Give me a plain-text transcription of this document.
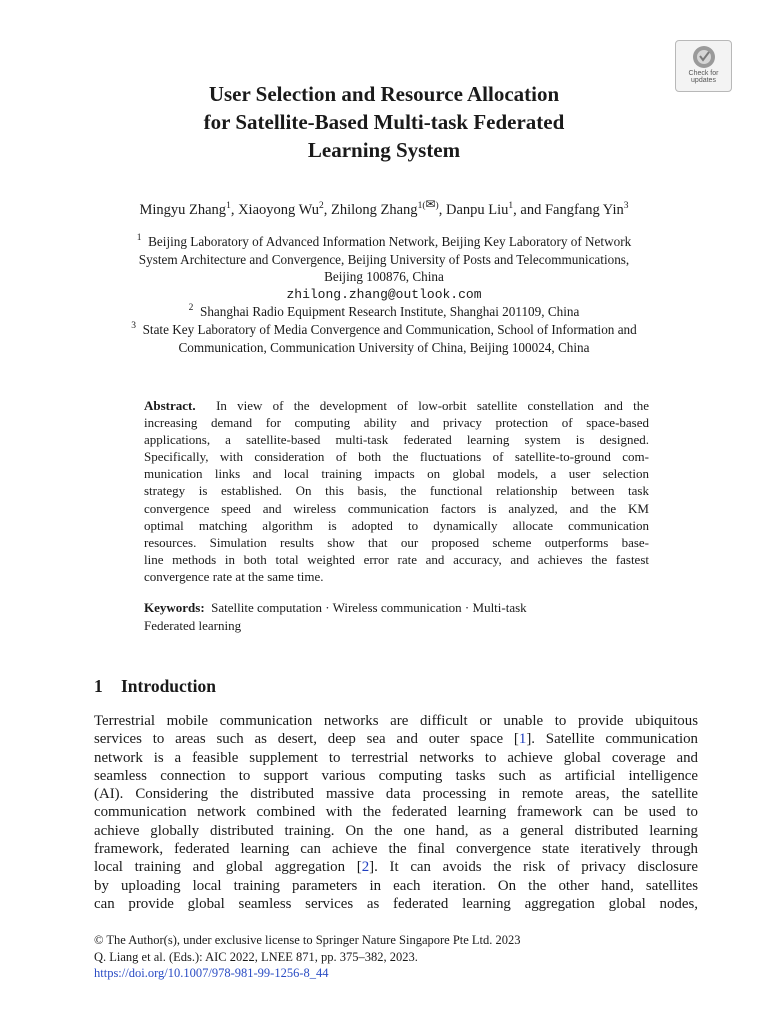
Check for
updates
User Selection and Resource Allocation
for Satellite-Based Multi-task Federated
Learning System
Mingyu Zhang$^1$, Xiaoyong Wu$^2$, Zhilong Zhang$^{1(✉)}$, Danpu Liu$^1$, and Fangfang Yin$^3$
$^1$ Beijing Laboratory of Advanced Information Network, Beijing Key Laboratory of Network
System Architecture and Convergence, Beijing University of Posts and Telecommunications,
Beijing 100876, China
zhilong.zhang@outlook.com
$^2$ Shanghai Radio Equipment Research Institute, Shanghai 201109, China
$^3$ State Key Laboratory of Media Convergence and Communication, School of Information and
Communication, Communication University of China, Beijing 100024, China
Abstract. In view of the development of low-orbit satellite constellation and the
increasing demand for computing ability and privacy protection of space-based
applications, a satellite-based multi-task federated learning system is designed.
Specifically, with consideration of both the fluctuations of satellite-to-ground com-
munication links and local training impacts on global models, a user selection
strategy is established. On this basis, the functional relationship between task
convergence speed and wireless communication factors is analyzed, and the KM
optimal matching algorithm is adopted to dynamically allocate communication
resources. Simulation results show that our proposed scheme outperforms base-
line methods in both total weighted error rate and accuracy, and achieves the fastest
convergence rate at the same time.
Keywords: Satellite computation · Wireless communication · Multi-task
Federated learning
1 Introduction
Terrestrial mobile communication networks are difficult or unable to provide ubiquitous
services to areas such as desert, deep sea and outer space [1]. Satellite communication
network is a feasible supplement to terrestrial networks to achieve global coverage and
seamless connection to support various computing tasks such as artificial intelligence
(AI). Considering the distributed massive data processing in remote areas, the satellite
communication network combined with the federated learning framework can be used to
achieve globally distributed training. On the one hand, as a general distributed learning
framework, federated learning can achieve the final convergence state iteratively through
local training and global aggregation [2]. It can avoids the risk of privacy disclosure
by uploading local training parameters in each iteration. On the other hand, satellites
can provide global seamless services as federated learning aggregation global nodes,
© The Author(s), under exclusive license to Springer Nature Singapore Pte Ltd. 2023
Q. Liang et al. (Eds.): AIC 2022, LNEE 871, pp. 375–382, 2023.
https://doi.org/10.1007/978-981-99-1256-8_44
